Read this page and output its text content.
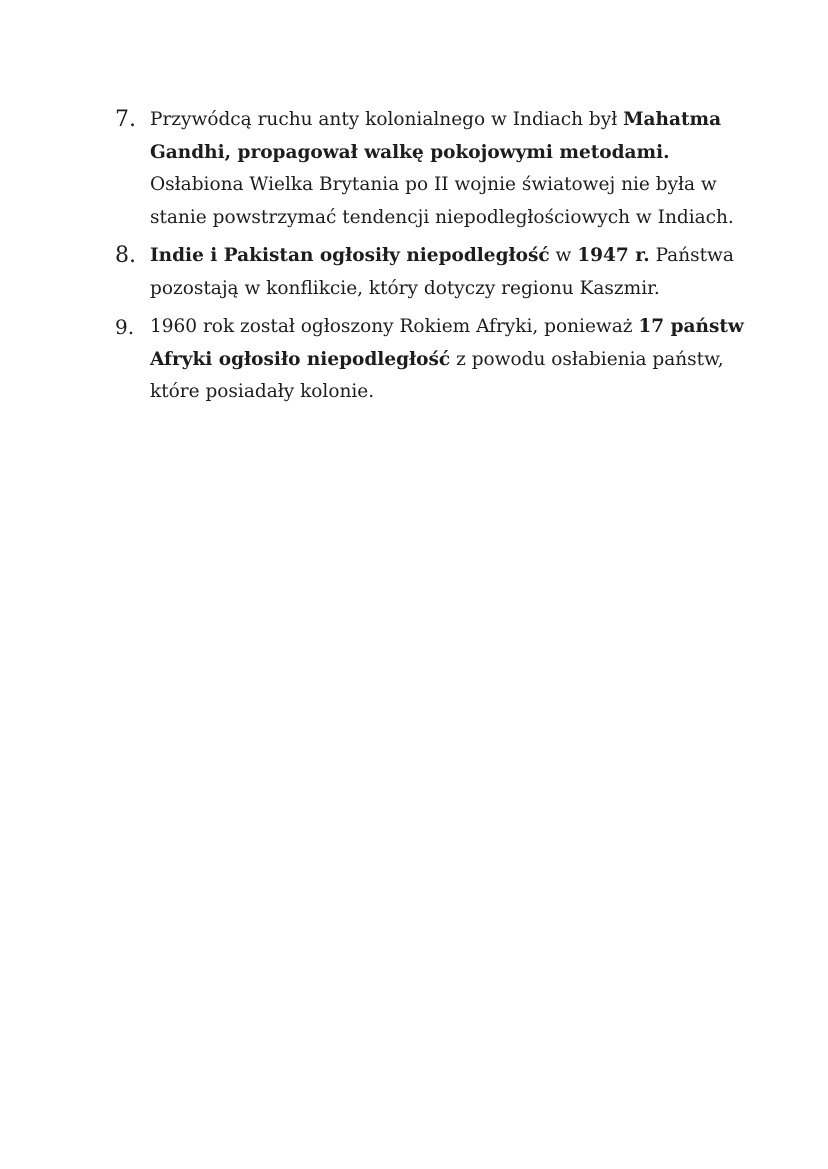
7. Przywódcą ruchu anty kolonialnego w Indiach był Mahatma Gandhi, propagował walkę pokojowymi metodami. Osłabiona Wielka Brytania po II wojnie światowej nie była w stanie powstrzymać tendencji niepodległościowych w Indiach.
8. Indie i Pakistan ogłosiły niepodległość w 1947 r. Państwa pozostają w konflikcie, który dotyczy regionu Kaszmir.
9. 1960 rok został ogłoszony Rokiem Afryki, ponieważ 17 państw Afryki ogłosiło niepodległość z powodu osłabienia państw, które posiadały kolonie.
